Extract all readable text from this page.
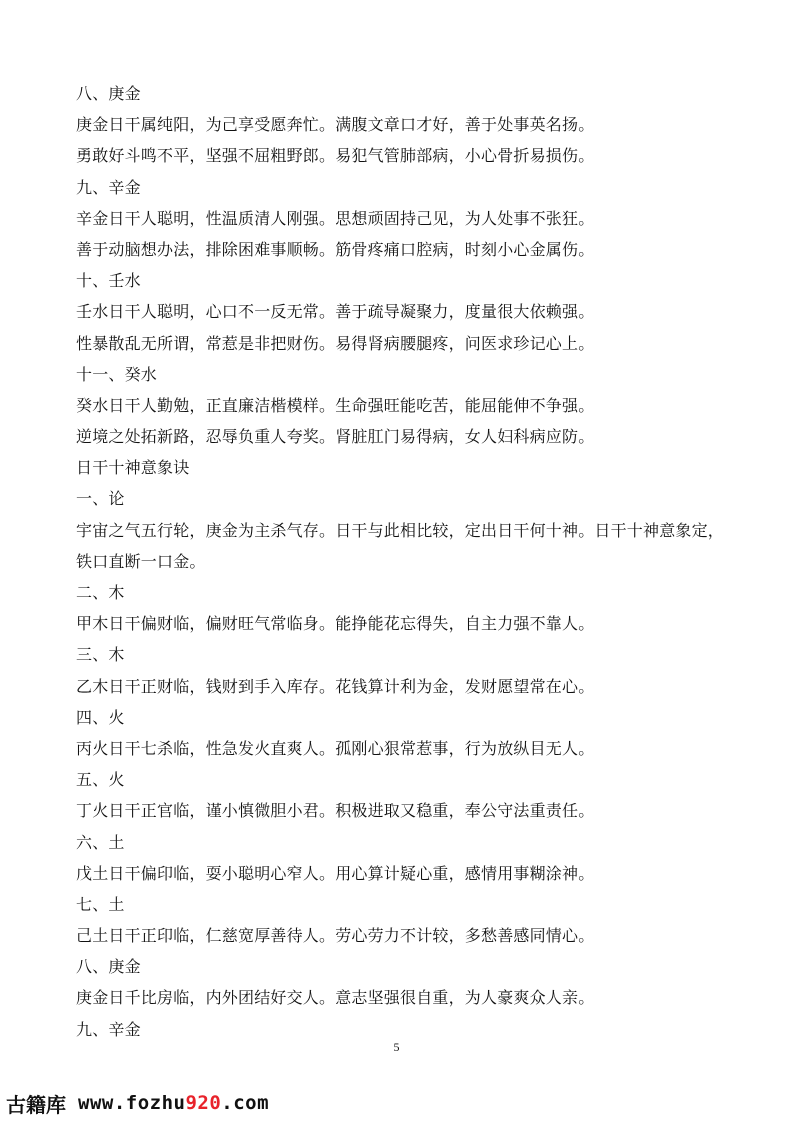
八、庚金
庚金日干属纯阳，为己享受愿奔忙。满腹文章口才好，善于处事英名扬。
勇敢好斗鸣不平，坚强不屈粗野郎。易犯气管肺部病，小心骨折易损伤。
九、辛金
辛金日干人聪明，性温质清人刚强。思想顽固持己见，为人处事不张狂。
善于动脑想办法，排除困难事顺畅。筋骨疼痛口腔病，时刻小心金属伤。
十、壬水
壬水日干人聪明，心口不一反无常。善于疏导凝聚力，度量很大依赖强。
性暴散乱无所谓，常惹是非把财伤。易得肾病腰腿疼，问医求珍记心上。
十一、癸水
癸水日干人勤勉，正直廉洁楷模样。生命强旺能吃苦，能屈能伸不争强。
逆境之处拓新路，忍辱负重人夸奖。肾脏肛门易得病，女人妇科病应防。
日干十神意象诀
一、论
宇宙之气五行轮，庚金为主杀气存。日干与此相比较，定出日干何十神。日干十神意象定，
铁口直断一口金。
二、木
甲木日干偏财临，偏财旺气常临身。能挣能花忘得失，自主力强不靠人。
三、木
乙木日干正财临，钱财到手入库存。花钱算计利为金，发财愿望常在心。
四、火
丙火日干七杀临，性急发火直爽人。孤刚心狠常惹事，行为放纵目无人。
五、火
丁火日干正官临，谨小慎微胆小君。积极进取又稳重，奉公守法重责任。
六、土
戊土日干偏印临，耍小聪明心窄人。用心算计疑心重，感情用事糊涂神。
七、土
己土日干正印临，仁慈宽厚善待人。劳心劳力不计较，多愁善感同情心。
八、庚金
庚金日千比房临，内外团结好交人。意志坚强很自重，为人豪爽众人亲。
九、辛金
5
古籍库 www.fozhu920.com
